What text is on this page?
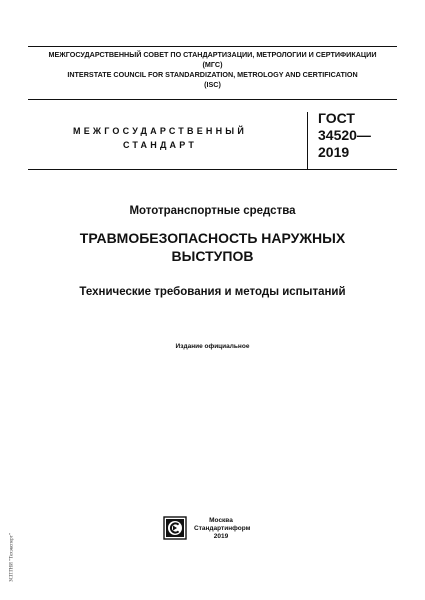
МЕЖГОСУДАРСТВЕННЫЙ СОВЕТ ПО СТАНДАРТИЗАЦИИ, МЕТРОЛОГИИ И СЕРТИФИКАЦИИ
(МГС)
INTERSTATE COUNCIL FOR STANDARDIZATION, METROLOGY AND CERTIFICATION
(ISC)
МЕЖГОСУДАРСТВЕННЫЙ
СТАНДАРТ
ГОСТ
34520—
2019
Мототранспортные средства
ТРАВМОБЕЗОПАСНОСТЬ НАРУЖНЫХ
ВЫСТУПОВ
Технические требования и методы испытаний
Издание официальное
Москва
Стандартинформ
2019
ЗСПТНИ "Техэксперт"
